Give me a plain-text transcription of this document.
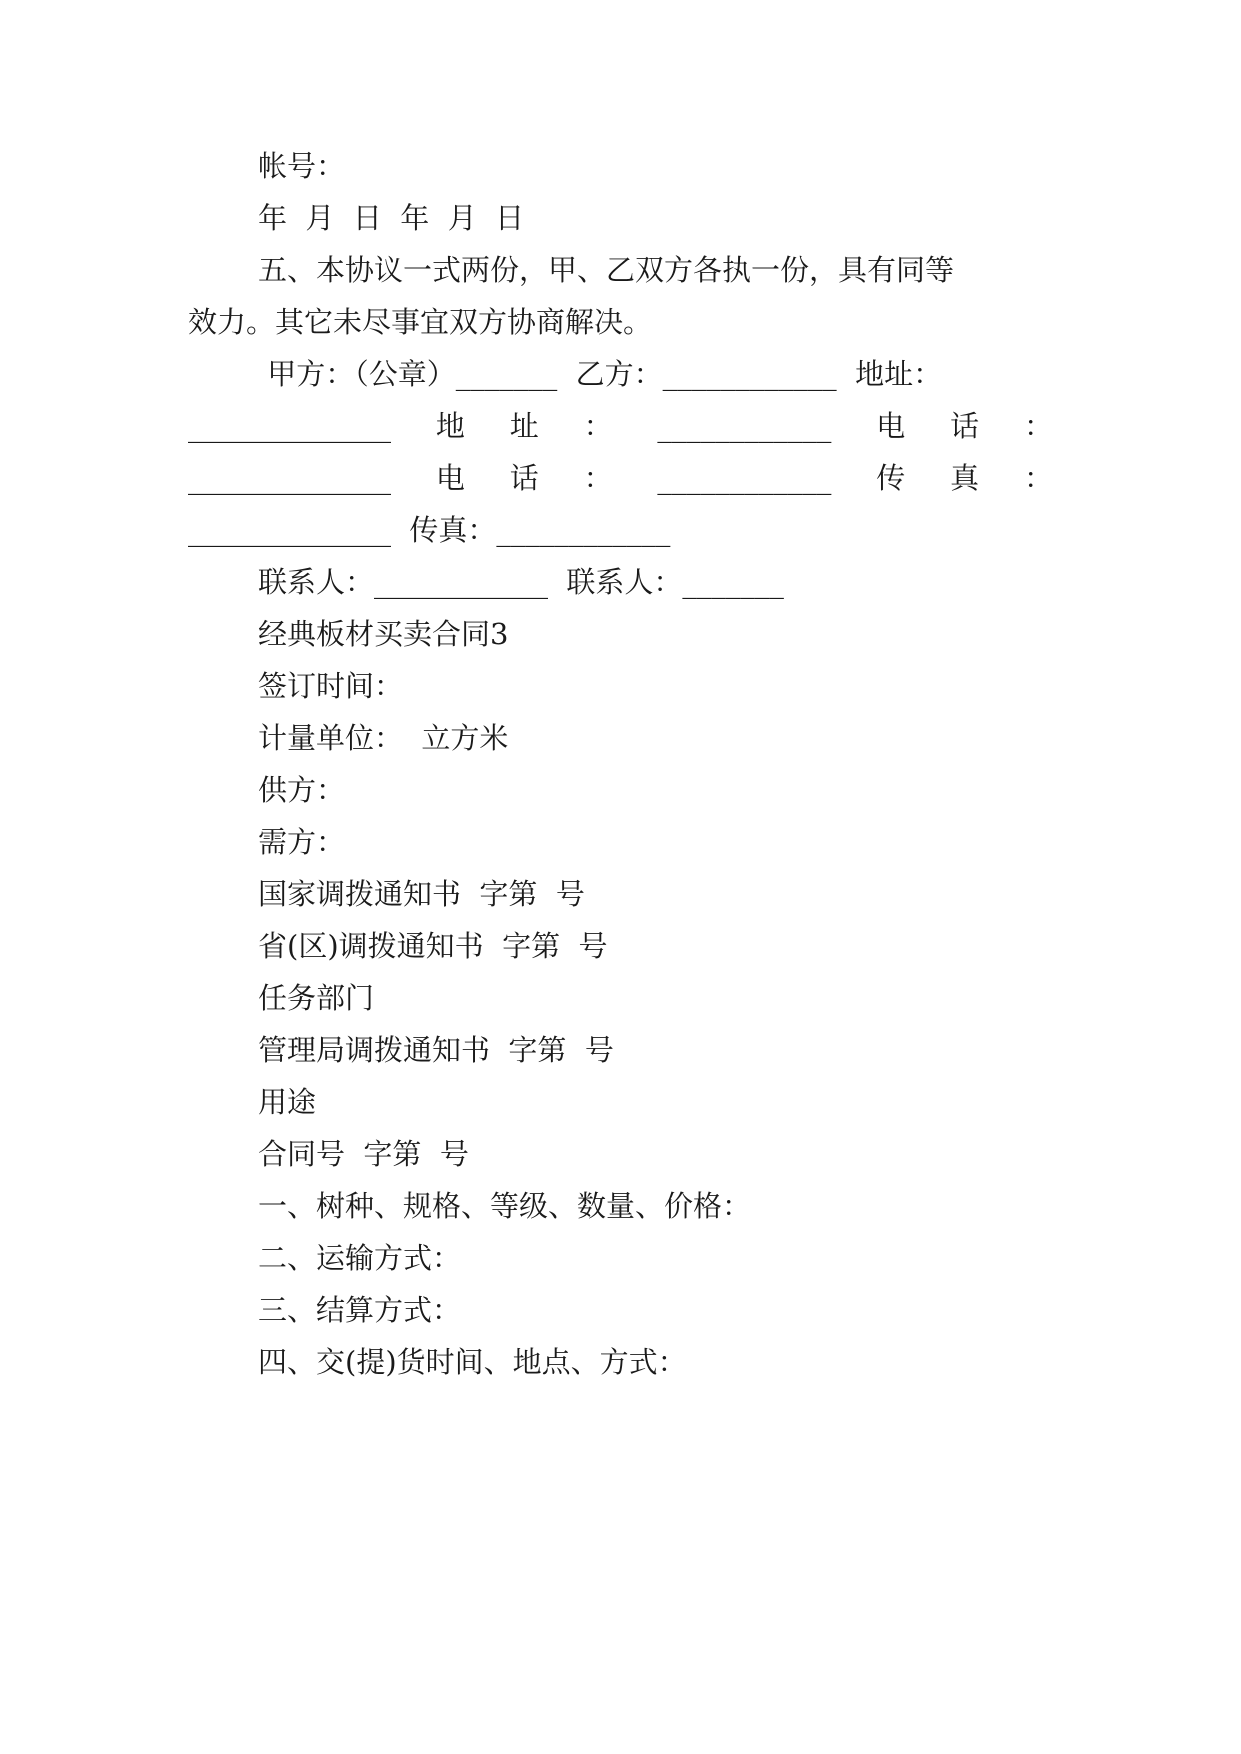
帐号：
年  月  日  年  月  日
五、本协议一式两份，甲、乙双方各执一份，具有同等
效力。其它未尽事宜双方协商解决。
甲方：（公章）_______  乙方：____________  地址：
______________ 地 址 ： ____________ 电 话 ：
______________ 电 话 ： ____________ 传 真 ：
______________  传真：____________
联系人：____________  联系人：_______
经典板材买卖合同3
签订时间：
计量单位：  立方米
供方：
需方：
国家调拨通知书  字第  号
省(区)调拨通知书  字第  号
任务部门
管理局调拨通知书  字第  号
用途
合同号  字第  号
一、树种、规格、等级、数量、价格：
二、运输方式：
三、结算方式：
四、交(提)货时间、地点、方式：
